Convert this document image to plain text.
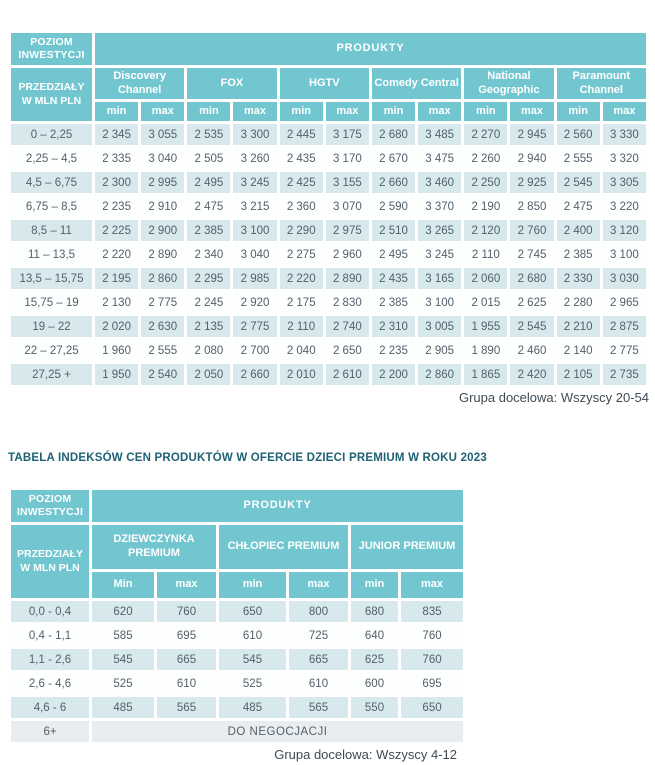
POZIOM INWESTYCJI	PRODUKTY											
PRZEDZIAŁY W MLN PLN	Discovery Channel		FOX		HGTV		Comedy Central		National Geographic		Paramount Channel	
	min	max	min	max	min	max	min	max	min	max	min	max
0 – 2,25	2 345	3 055	2 535	3 300	2 445	3 175	2 680	3 485	2 270	2 945	2 560	3 330
2,25 – 4,5	2 335	3 040	2 505	3 260	2 435	3 170	2 670	3 475	2 260	2 940	2 555	3 320
4,5 – 6,75	2 300	2 995	2 495	3 245	2 425	3 155	2 660	3 460	2 250	2 925	2 545	3 305
6,75 – 8,5	2 235	2 910	2 475	3 215	2 360	3 070	2 590	3 370	2 190	2 850	2 475	3 220
8,5 – 11	2 225	2 900	2 385	3 100	2 290	2 975	2 510	3 265	2 120	2 760	2 400	3 120
11 – 13,5	2 220	2 890	2 340	3 040	2 275	2 960	2 495	3 245	2 110	2 745	2 385	3 100
13,5 – 15,75	2 195	2 860	2 295	2 985	2 220	2 890	2 435	3 165	2 060	2 680	2 330	3 030
15,75 – 19	2 130	2 775	2 245	2 920	2 175	2 830	2 385	3 100	2 015	2 625	2 280	2 965
19 – 22	2 020	2 630	2 135	2 775	2 110	2 740	2 310	3 005	1 955	2 545	2 210	2 875
22 – 27,25	1 960	2 555	2 080	2 700	2 040	2 650	2 235	2 905	1 890	2 460	2 140	2 775
27,25 +	1 950	2 540	2 050	2 660	2 010	2 610	2 200	2 860	1 865	2 420	2 105	2 735
Grupa docelowa: Wszyscy 20-54
TABELA INDEKSÓW CEN PRODUKTÓW W OFERCIE DZIECI PREMIUM W ROKU 2023
POZIOM INWESTYCJI	PRODUKTY					
PRZEDZIAŁY W MLN PLN	DZIEWCZYNKA PREMIUM		CHŁOPIEC PREMIUM		JUNIOR PREMIUM	
	Min	max	min	max	min	max
0,0 - 0,4	620	760	650	800	680	835
0,4 - 1,1	585	695	610	725	640	760
1,1 - 2,6	545	665	545	665	625	760
2,6 - 4,6	525	610	525	610	600	695
4,6 - 6	485	565	485	565	550	650
6+	DO NEGOCJACJI					
Grupa docelowa: Wszyscy 4-12
